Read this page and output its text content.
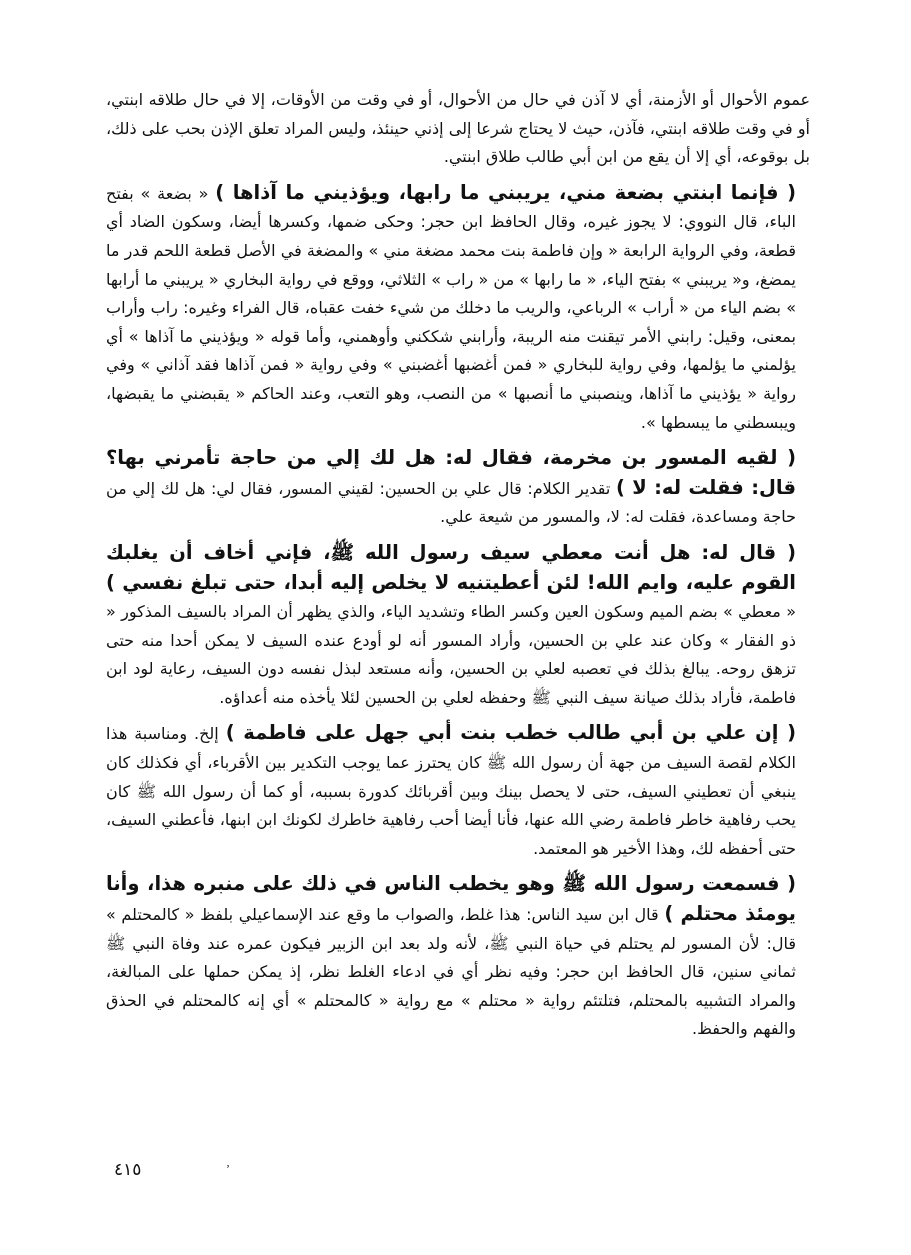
عموم الأحوال أو الأزمنة، أي لا آذن في حال من الأحوال، أو في وقت من الأوقات، إلا في حال طلاقه ابنتي، أو في وقت طلاقه ابنتي، فآذن، حيث لا يحتاج شرعا إلى إذني حينئذ، وليس المراد تعلق الإذن بحب على ذلك، بل بوقوعه، أي إلا أن يقع من ابن أبي طالب طلاق ابنتي.

( فإنما ابنتي بضعة مني، يريبني ما رابها، ويؤذيني ما آذاها ) « بضعة » بفتح الباء، قال النووي: لا يجوز غيره، وقال الحافظ ابن حجر: وحكى ضمها، وكسرها أيضا، وسكون الضاد أي قطعة، وفي الرواية الرابعة « وإن فاطمة بنت محمد مضغة مني » والمضغة في الأصل قطعة اللحم قدر ما يمضغ، و« يريبني » بفتح الياء، « ما رابها » من « راب » الثلاثي، ووقع في رواية البخاري « يريبني ما أرابها » بضم الياء من « أراب » الرباعي، والريب ما دخلك من شيء خفت عقباه، قال الفراء وغيره: راب وأراب بمعنى، وقيل: رابني الأمر تيقنت منه الريبة، وأرابني شككني وأوهمني، وأما قوله « ويؤذيني ما آذاها » أي يؤلمني ما يؤلمها، وفي رواية للبخاري « فمن أغضبها أغضبني » وفي رواية « فمن آذاها فقد آذاني » وفي رواية « يؤذيني ما آذاها، وينصبني ما أنصبها » من النصب، وهو التعب، وعند الحاكم « يقبضني ما يقبضها، ويبسطني ما يبسطها ».

( لقيه المسور بن مخرمة، فقال له: هل لك إلي من حاجة تأمرني بها؟ قال: فقلت له: لا ) تقدير الكلام: قال علي بن الحسين: لقيني المسور، فقال لي: هل لك إلي من حاجة ومساعدة، فقلت له: لا، والمسور من شيعة علي.

( قال له: هل أنت معطي سيف رسول الله ﷺ، فإني أخاف أن يغلبك القوم عليه، وايم الله! لئن أعطيتنيه لا يخلص إليه أبدا، حتى تبلغ نفسي ) « معطي » بضم الميم وسكون العين وكسر الطاء وتشديد الياء، والذي يظهر أن المراد بالسيف المذكور « ذو الفقار » وكان عند علي بن الحسين، وأراد المسور أنه لو أودع عنده السيف لا يمكن أحدا منه حتى تزهق روحه. يبالغ بذلك في تعصبه لعلي بن الحسين، وأنه مستعد لبذل نفسه دون السيف، رعاية لود ابن فاطمة، فأراد بذلك صيانة سيف النبي ﷺ وحفظه لعلي بن الحسين لئلا يأخذه منه أعداؤه.

( إن علي بن أبي طالب خطب بنت أبي جهل على فاطمة ) إلخ. ومناسبة هذا الكلام لقصة السيف من جهة أن رسول الله ﷺ كان يحترز عما يوجب التكدير بين الأقرباء، أي فكذلك كان ينبغي أن تعطيني السيف، حتى لا يحصل بينك وبين أقربائك كدورة بسببه، أو كما أن رسول الله ﷺ كان يحب رفاهية خاطر فاطمة رضي الله عنها، فأنا أيضا أحب رفاهية خاطرك لكونك ابن ابنها، فأعطني السيف، حتى أحفظه لك، وهذا الأخير هو المعتمد.

( فسمعت رسول الله ﷺ وهو يخطب الناس في ذلك على منبره هذا، وأنا يومئذ محتلم ) قال ابن سيد الناس: هذا غلط، والصواب ما وقع عند الإسماعيلي بلفظ « كالمحتلم » قال: لأن المسور لم يحتلم في حياة النبي ﷺ، لأنه ولد بعد ابن الزبير فيكون عمره عند وفاة النبي ﷺ ثماني سنين، قال الحافظ ابن حجر: وفيه نظر أي في ادعاء الغلط نظر، إذ يمكن حملها على المبالغة، والمراد التشبيه بالمحتلم، فتلتئم رواية « محتلم » مع رواية « كالمحتلم » أي إنه كالمحتلم في الحذق والفهم والحفظ.

٤١٥	ʼ
